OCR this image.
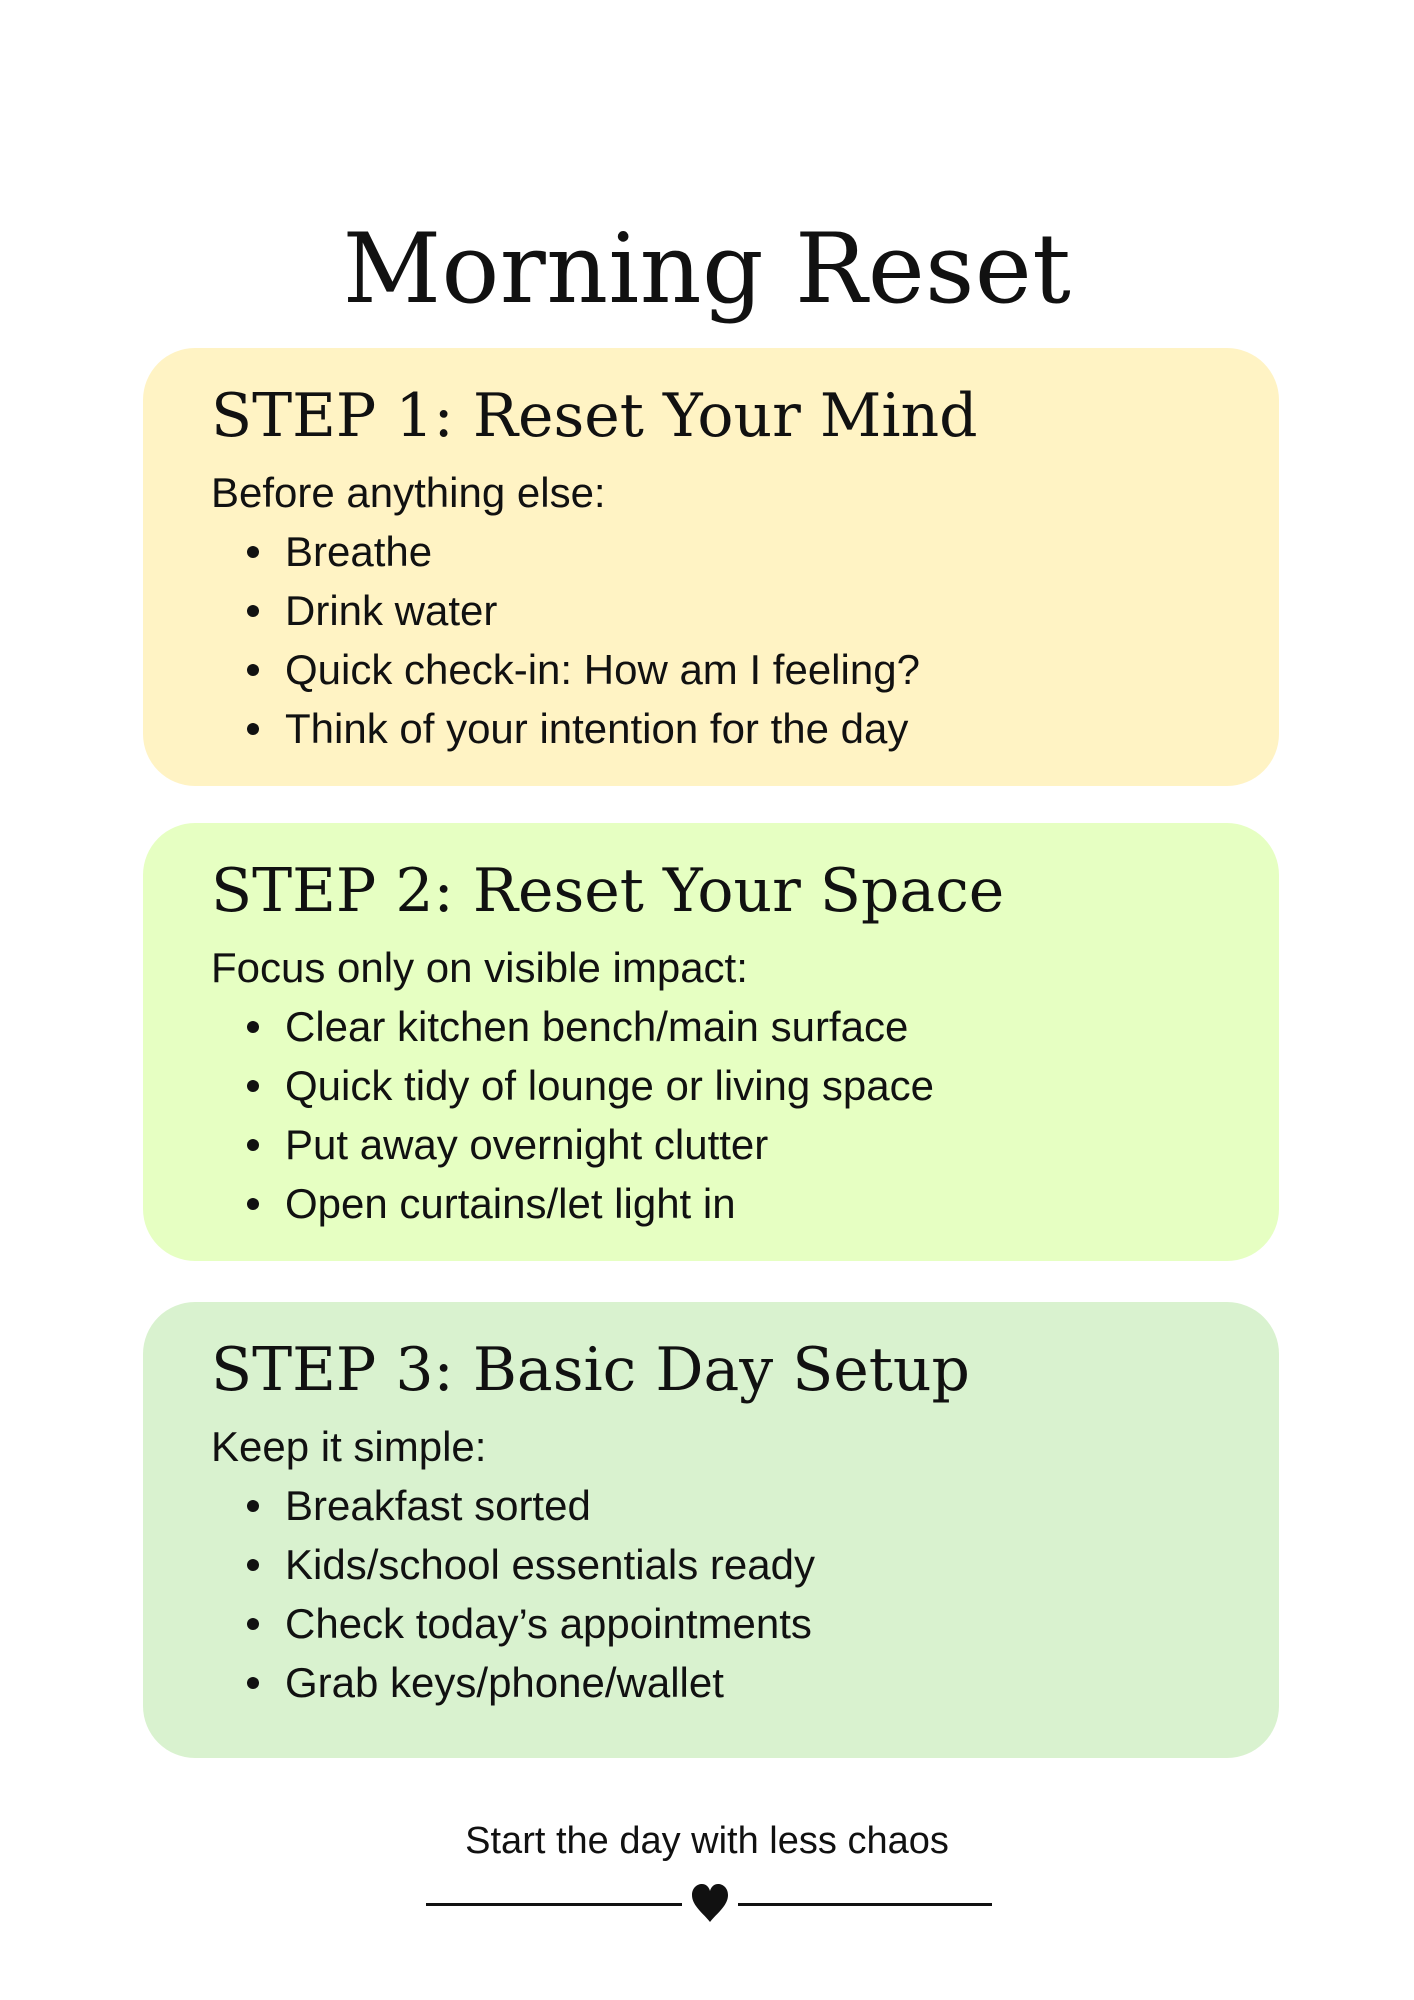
Morning Reset
STEP 1: Reset Your Mind

Before anything else:

Breathe
Drink water
Quick check-in: How am I feeling?
Think of your intention for the day
STEP 2: Reset Your Space

Focus only on visible impact:

Clear kitchen bench/main surface
Quick tidy of lounge or living space
Put away overnight clutter
Open curtains/let light in
STEP 3: Basic Day Setup

Keep it simple:

Breakfast sorted
Kids/school essentials ready
Check today’s appointments
Grab keys/phone/wallet
Start the day with less chaos
